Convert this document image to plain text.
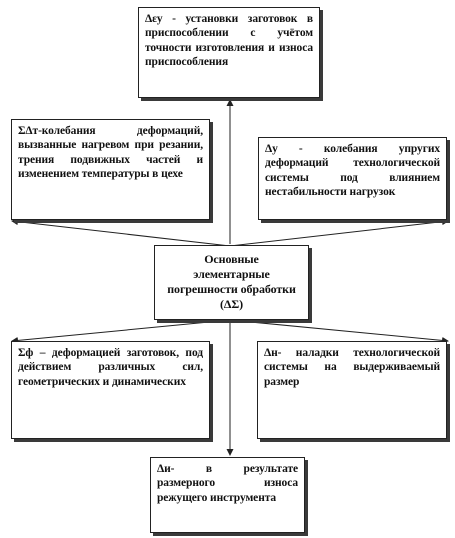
Δεу - установки заготовок в приспособлении с учётом точности изготовления и износа приспособления
ΣΔт-колебания деформаций, вызванные нагревом при резании, трения подвижных частей и изменением температуры в цехе
Δу - колебания упругих деформаций технологической системы под влиянием нестабильности нагрузок
Основные элементарные погрешности обработки (ΔΣ)
Σф – деформацией заготовок, под действием различных сил, геометрических и динамических
Δн- наладки технологической системы на выдерживаемый размер
Δи- в результате размерного износа режущего инструмента
